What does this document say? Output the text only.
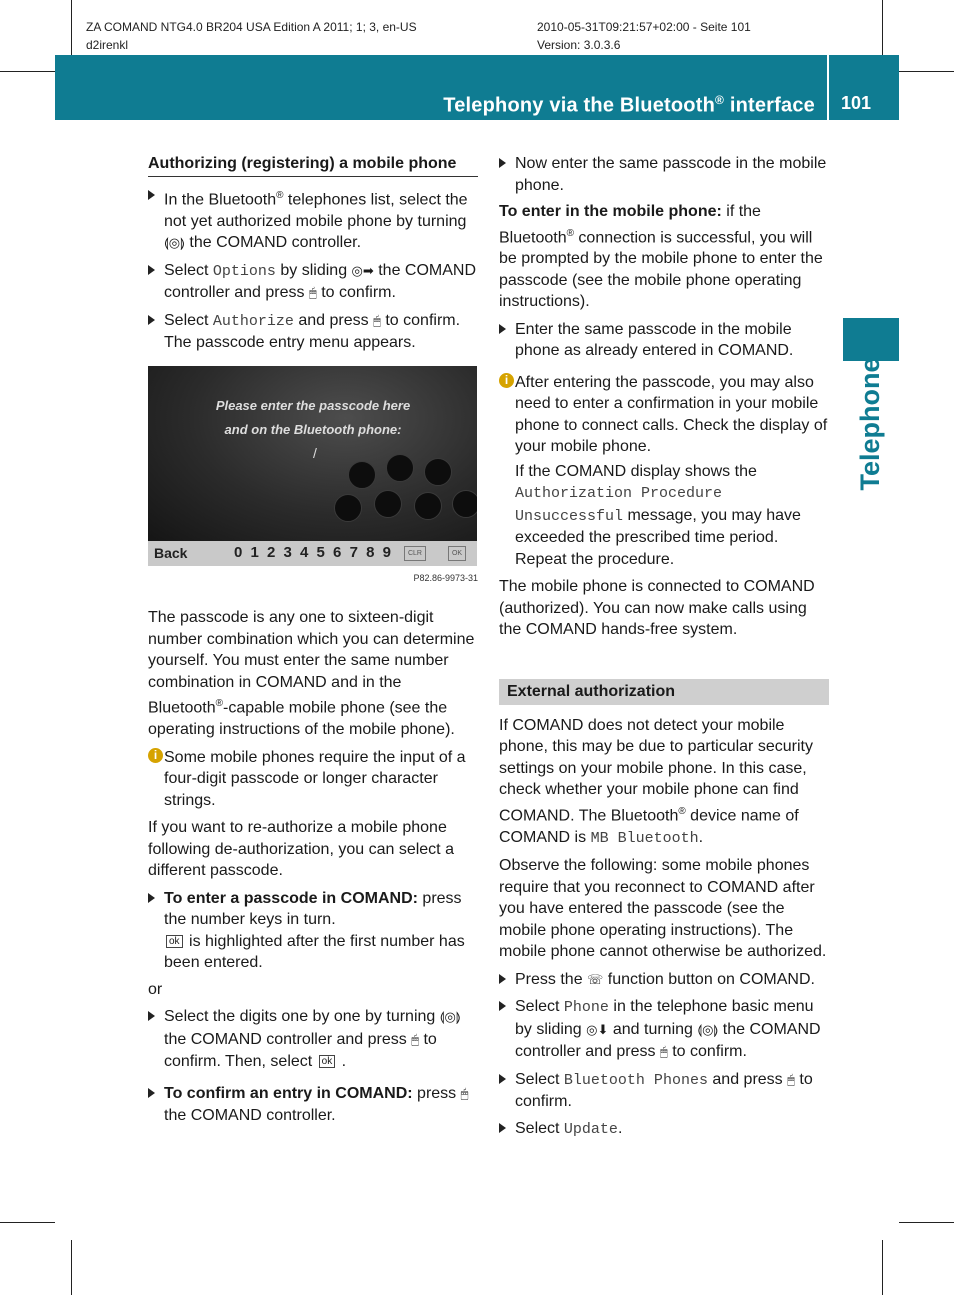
ZA COMAND NTG4.0 BR204 USA Edition A 2011; 1; 3, en-US
d2irenkl
2010-05-31T09:21:57+02:00 - Seite 101
Version: 3.0.3.6
Telephony via the Bluetooth® interface 101
Telephone
Authorizing (registering) a mobile phone
In the Bluetooth® telephones list, select the not yet authorized mobile phone by turning ⟬◎⟭ the COMAND controller.
Select Options by sliding ◎➡ the COMAND controller and press 🖱 to confirm.
Select Authorize and press 🖱 to confirm.
The passcode entry menu appears.
Please enter the passcode here
and on the Bluetooth phone:
/
Back	0 1 2 3 4 5 6 7 8 9	CLR	OK
P82.86-9973-31
The passcode is any one to sixteen-digit number combination which you can determine yourself. You must enter the same number combination in COMAND and in the Bluetooth®-capable mobile phone (see the operating instructions of the mobile phone).
i Some mobile phones require the input of a four-digit passcode or longer character strings.
If you want to re-authorize a mobile phone following de-authorization, you can select a different passcode.
To enter a passcode in COMAND: press the number keys in turn.
ok is highlighted after the first number has been entered.
or
Select the digits one by one by turning ⟬◎⟭ the COMAND controller and press 🖱 to confirm. Then, select ok .
To confirm an entry in COMAND: press 🖱 the COMAND controller.
Now enter the same passcode in the mobile phone.
To enter in the mobile phone: if the Bluetooth® connection is successful, you will be prompted by the mobile phone to enter the passcode (see the mobile phone operating instructions).
Enter the same passcode in the mobile phone as already entered in COMAND.
i After entering the passcode, you may also need to enter a confirmation in your mobile phone to connect calls. Check the display of your mobile phone.
If the COMAND display shows the Authorization Procedure Unsuccessful message, you may have exceeded the prescribed time period. Repeat the procedure.
The mobile phone is connected to COMAND (authorized). You can now make calls using the COMAND hands-free system.
External authorization
If COMAND does not detect your mobile phone, this may be due to particular security settings on your mobile phone. In this case, check whether your mobile phone can find COMAND. The Bluetooth® device name of COMAND is MB Bluetooth.
Observe the following: some mobile phones require that you reconnect to COMAND after you have entered the passcode (see the mobile phone operating instructions). The mobile phone cannot otherwise be authorized.
Press the ☏ function button on COMAND.
Select Phone in the telephone basic menu by sliding ◎⬇ and turning ⟬◎⟭ the COMAND controller and press 🖱 to confirm.
Select Bluetooth Phones and press 🖱 to confirm.
Select Update.
